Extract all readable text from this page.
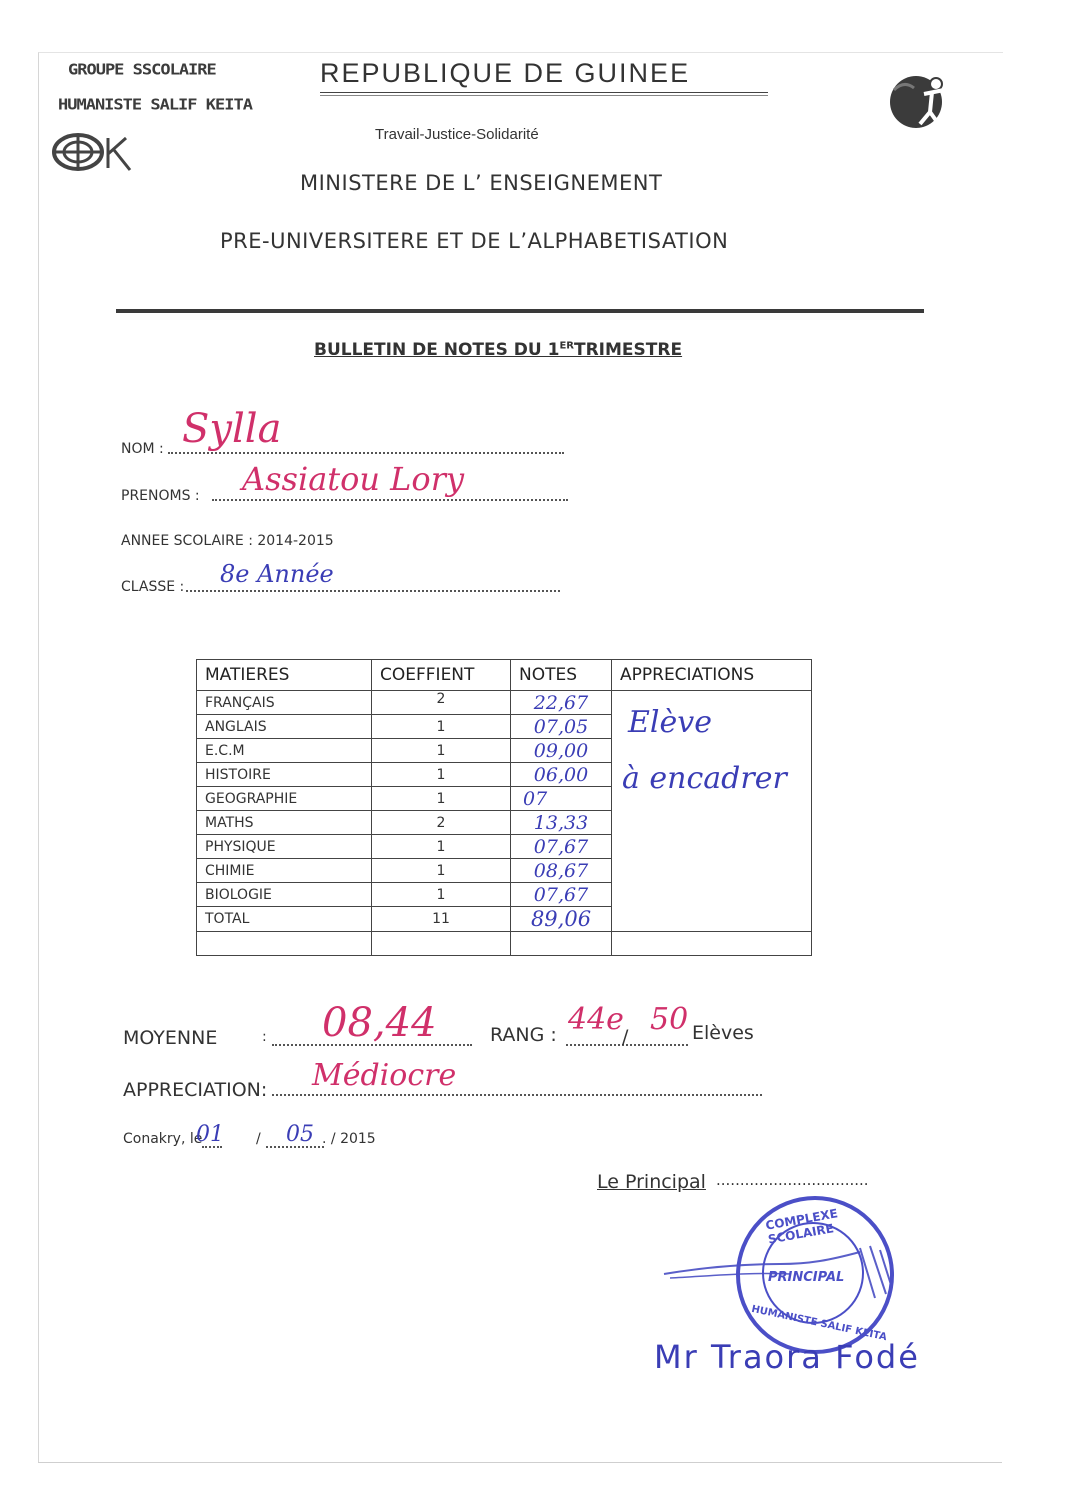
GROUPE SSCOLAIRE
HUMANISTE SALIF KEITA
REPUBLIQUE DE GUINEE
Travail-Justice-Solidarité
MINISTERE DE L’ ENSEIGNEMENT
PRE-UNIVERSITERE ET DE L’ALPHABETISATION
BULLETIN DE NOTES DU 1ERTRIMESTRE
NOM : Sylla
PRENOMS : Assiatou Lory
ANNEE SCOLAIRE : 2014-2015
CLASSE : 8e Année
MATIERES	COEFFIENT	NOTES	APPRECIATIONS
FRANÇAIS	2	22,67	Elève
à encadrer

ANGLAIS	1	07,05	
E.C.M	1	09,00	
HISTOIRE	1	06,00	
GEOGRAPHIE	1	07	
MATHS	2	13,33	
PHYSIQUE	1	07,67	
CHIMIE	1	08,67	
BIOLOGIE	1	07,67	
TOTAL	11	89,06	

MOYENNE	: 08,44	RANG : 44e
/ 50 Elèves
APPRECIATION: Médiocre
Conakry, le
01 / 05 . / 2015
Le Principal ................................
COMPLEXE SCOLAIRE
PRINCIPAL
HUMANISTE SALIF KEITA
Mr Traora Fodé
